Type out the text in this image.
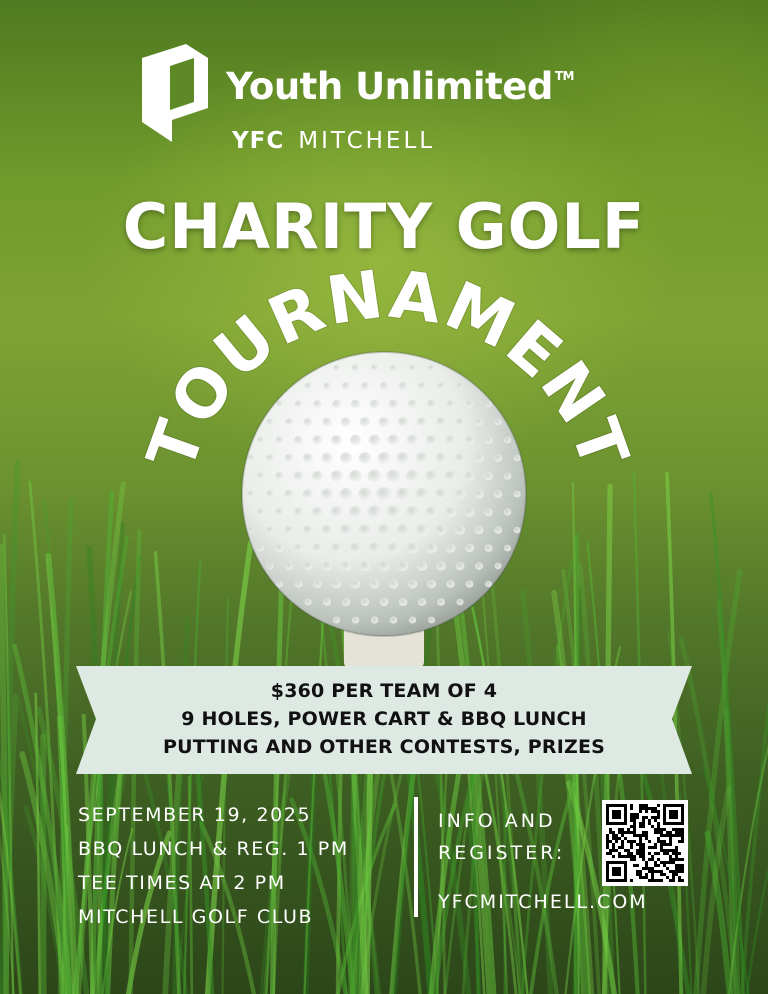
Youth Unlimited ™
YFC MITCHELL
CHARITY GOLF
TOURNAMENT
$360 PER TEAM OF 4
9 HOLES, POWER CART & BBQ LUNCH
PUTTING AND OTHER CONTESTS, PRIZES
SEPTEMBER 19, 2025
BBQ LUNCH & REG. 1 PM
TEE TIMES AT 2 PM
MITCHELL GOLF CLUB
INFO AND
REGISTER:
YFCMITCHELL.COM
